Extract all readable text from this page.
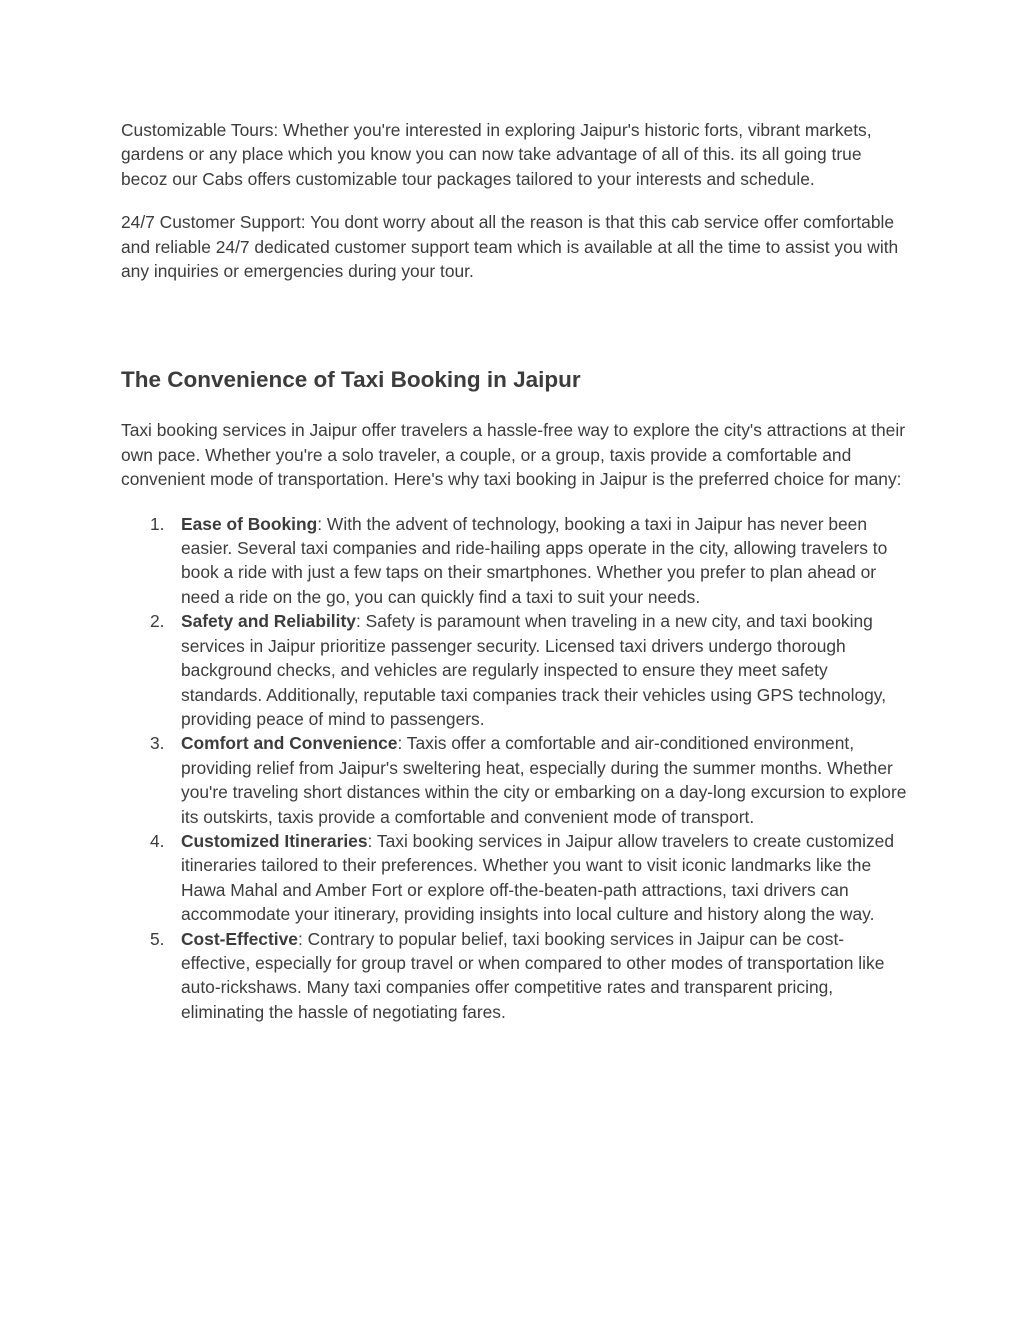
Customizable Tours: Whether you're interested in exploring Jaipur's historic forts, vibrant markets, gardens or any place which you know you can now take advantage of all of this. its all going true becoz our Cabs offers customizable tour packages tailored to your interests and schedule.

24/7 Customer Support: You dont worry about all the reason is that this cab service offer comfortable and reliable 24/7 dedicated customer support team which is available at all the time to assist you with any inquiries or emergencies during your tour.

The Convenience of Taxi Booking in Jaipur

Taxi booking services in Jaipur offer travelers a hassle-free way to explore the city's attractions at their own pace. Whether you're a solo traveler, a couple, or a group, taxis provide a comfortable and convenient mode of transportation. Here's why taxi booking in Jaipur is the preferred choice for many:

1. Ease of Booking: With the advent of technology, booking a taxi in Jaipur has never been easier. Several taxi companies and ride-hailing apps operate in the city, allowing travelers to book a ride with just a few taps on their smartphones. Whether you prefer to plan ahead or need a ride on the go, you can quickly find a taxi to suit your needs.
2. Safety and Reliability: Safety is paramount when traveling in a new city, and taxi booking services in Jaipur prioritize passenger security. Licensed taxi drivers undergo thorough background checks, and vehicles are regularly inspected to ensure they meet safety standards. Additionally, reputable taxi companies track their vehicles using GPS technology, providing peace of mind to passengers.
3. Comfort and Convenience: Taxis offer a comfortable and air-conditioned environment, providing relief from Jaipur's sweltering heat, especially during the summer months. Whether you're traveling short distances within the city or embarking on a day-long excursion to explore its outskirts, taxis provide a comfortable and convenient mode of transport.
4. Customized Itineraries: Taxi booking services in Jaipur allow travelers to create customized itineraries tailored to their preferences. Whether you want to visit iconic landmarks like the Hawa Mahal and Amber Fort or explore off-the-beaten-path attractions, taxi drivers can accommodate your itinerary, providing insights into local culture and history along the way.
5. Cost-Effective: Contrary to popular belief, taxi booking services in Jaipur can be cost-effective, especially for group travel or when compared to other modes of transportation like auto-rickshaws. Many taxi companies offer competitive rates and transparent pricing, eliminating the hassle of negotiating fares.
